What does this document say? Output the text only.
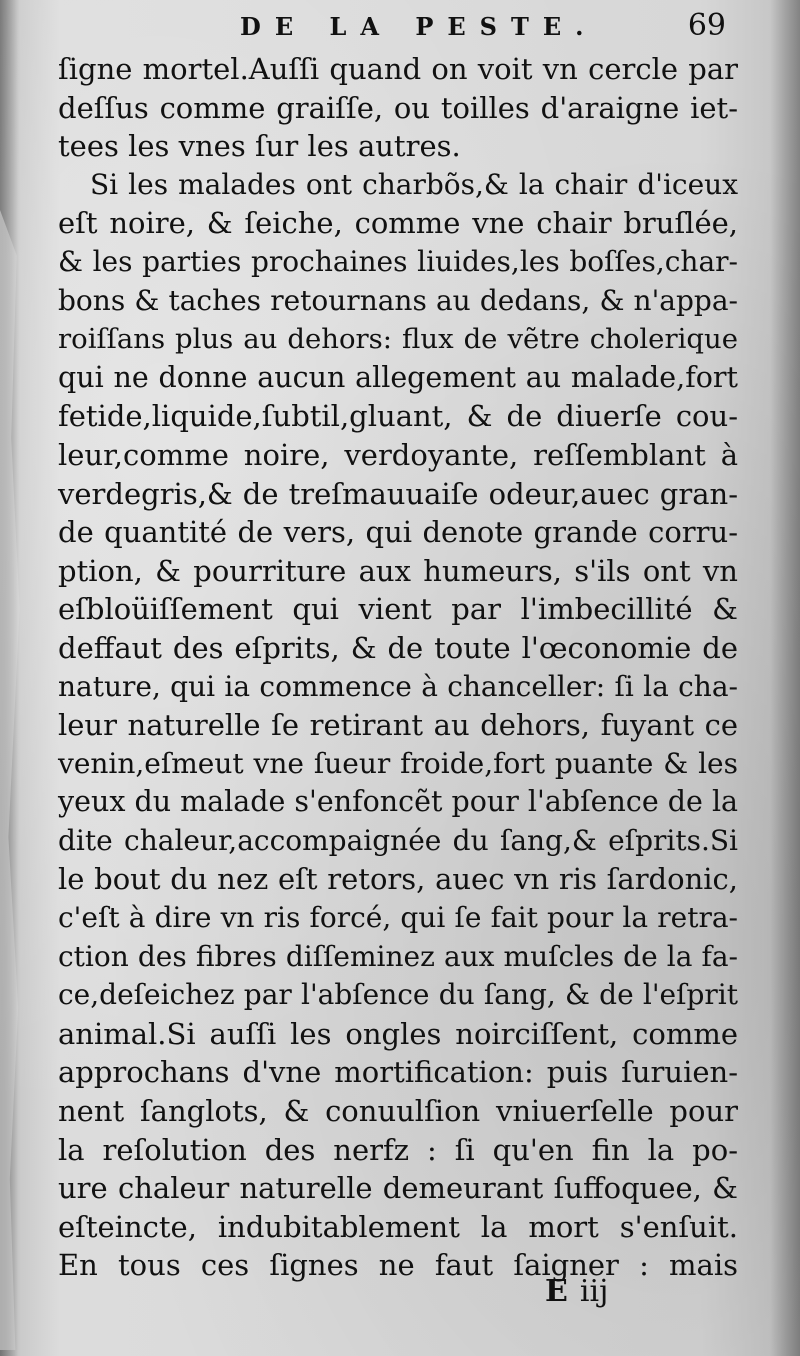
DE LA PESTE.	69
ſigne mortel.Auſſi quand on voit vn cercle par
deſſus comme graiſſe, ou toilles d'araigne iet-
tees les vnes ſur les autres.
Si les malades ont charbõs,& la chair d'iceux
eſt noire, & ſeiche, comme vne chair bruſlée,
& les parties prochaines liuides,les boſſes,char-
bons & taches retournans au dedans, & n'appa-
roiſſans plus au dehors: flux de vẽtre cholerique
qui ne donne aucun allegement au malade,fort
fetide,liquide,ſubtil,gluant, & de diuerſe cou-
leur,comme noire, verdoyante, reſſemblant à
verdegris,& de treſmauuaiſe odeur,auec gran-
de quantité de vers, qui denote grande corru-
ption, & pourriture aux humeurs, s'ils ont vn
eſbloüiſſement qui vient par l'imbecillité &
deffaut des eſprits, & de toute l'œconomie de
nature, qui ia commence à chanceller: ſi la cha-
leur naturelle ſe retirant au dehors, fuyant ce
venin,eſmeut vne ſueur froide,fort puante & les
yeux du malade s'enfoncẽt pour l'abſence de la
dite chaleur,accompaignée du ſang,& eſprits.Si
le bout du nez eſt retors, auec vn ris ſardonic,
c'eſt à dire vn ris forcé, qui ſe fait pour la retra-
ction des fibres diſſeminez aux muſcles de la fa-
ce,deſeichez par l'abſence du ſang, & de l'eſprit
animal.Si auſſi les ongles noirciſſent, comme
approchans d'vne mortification: puis ſuruien-
nent ſanglots, & conuulſion vniuerſelle pour
la reſolution des nerfz : ſi qu'en fin la po-
ure chaleur naturelle demeurant ſuffoquee, &
eſteincte, indubitablement la mort s'enſuit.
En tous ces ſignes ne faut ſaigner : mais
E iij
